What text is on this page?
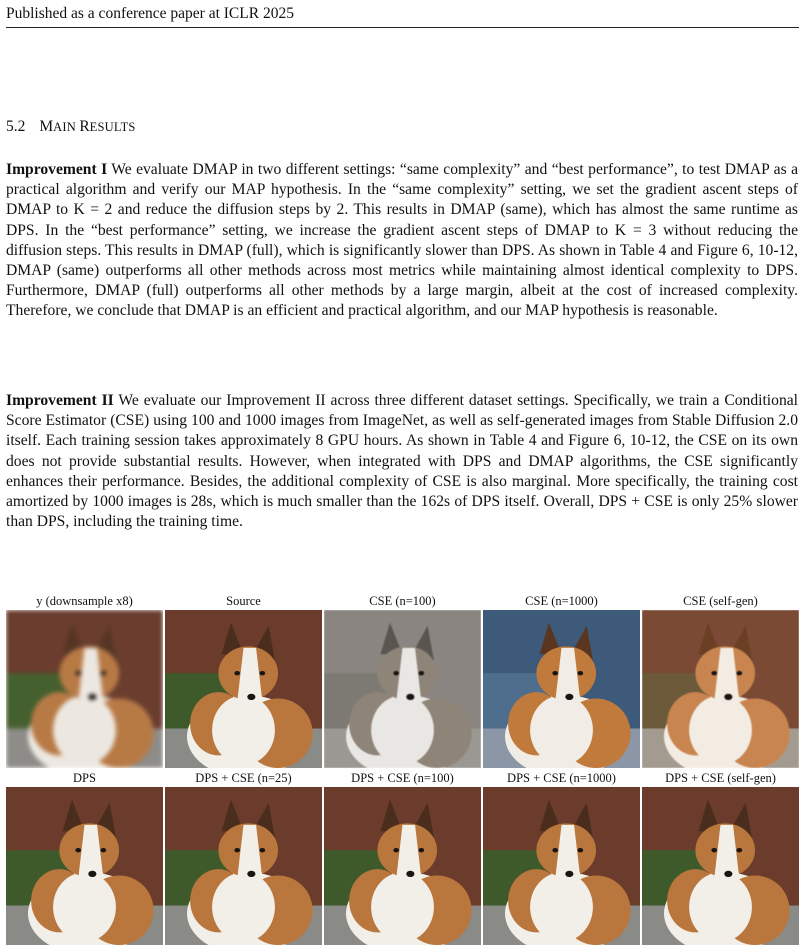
Published as a conference paper at ICLR 2025
5.2 MAIN RESULTS

Improvement I We evaluate DMAP in two different settings: “same complexity” and “best performance”, to test DMAP as a practical algorithm and verify our MAP hypothesis. In the “same complexity” setting, we set the gradient ascent steps of DMAP to K = 2 and reduce the diffusion steps by 2. This results in DMAP (same), which has almost the same runtime as DPS. In the “best performance” setting, we increase the gradient ascent steps of DMAP to K = 3 without reducing the diffusion steps. This results in DMAP (full), which is significantly slower than DPS. As shown in Table 4 and Figure 6, 10-12, DMAP (same) outperforms all other methods across most metrics while maintaining almost identical complexity to DPS. Furthermore, DMAP (full) outperforms all other methods by a large margin, albeit at the cost of increased complexity. Therefore, we conclude that DMAP is an efficient and practical algorithm, and our MAP hypothesis is reasonable.

Improvement II We evaluate our Improvement II across three different dataset settings. Specifically, we train a Conditional Score Estimator (CSE) using 100 and 1000 images from ImageNet, as well as self-generated images from Stable Diffusion 2.0 itself. Each training session takes approximately 8 GPU hours. As shown in Table 4 and Figure 6, 10-12, the CSE on its own does not provide substantial results. However, when integrated with DPS and DMAP algorithms, the CSE significantly enhances their performance. Besides, the additional complexity of CSE is also marginal. More specifically, the training cost amortized by 1000 images is 28s, which is much smaller than the 162s of DPS itself. Overall, DPS + CSE is only 25% slower than DPS, including the training time.

y (downsample x8)	Source	CSE (n=100)	CSE (n=1000)	CSE (self-gen)
DPS	DPS + CSE (n=25)	DPS + CSE (n=100)	DPS + CSE (n=1000)	DPS + CSE (self-gen)
